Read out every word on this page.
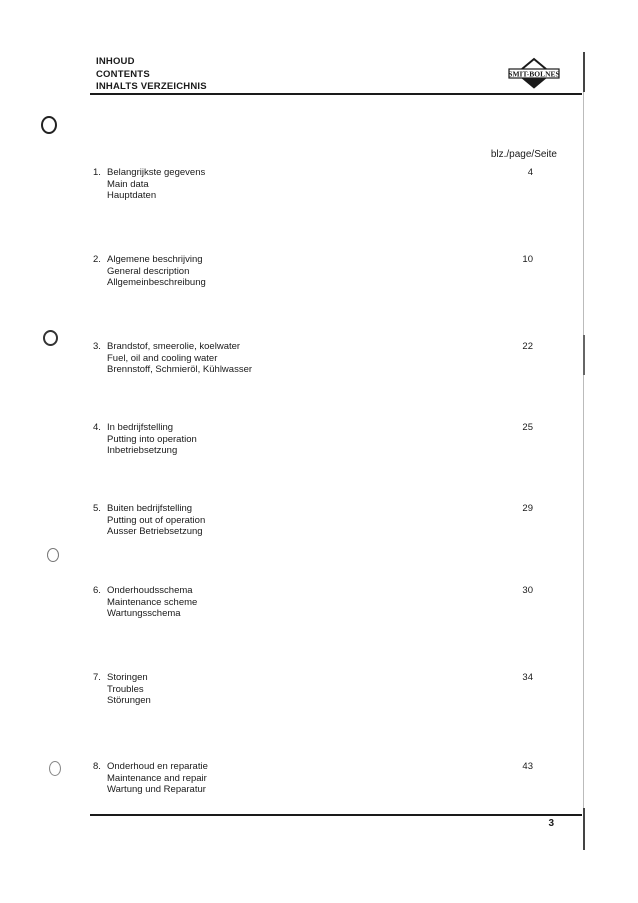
INHOUD
CONTENTS
INHALTS VERZEICHNIS
SMIT-BOLNES
blz./page/Seite
1. Belangrijkste gegevens
Main data
Hauptdaten
4
2. Algemene beschrijving
General description
Allgemeinbeschreibung
10
3. Brandstof, smeerolie, koelwater
Fuel, oil and cooling water
Brennstoff, Schmieröl, Kühlwasser
22
4. In bedrijfstelling
Putting into operation
Inbetriebsetzung
25
5. Buiten bedrijfstelling
Putting out of operation
Ausser Betriebsetzung
29
6. Onderhoudsschema
Maintenance scheme
Wartungsschema
30
7. Storingen
Troubles
Störungen
34
8. Onderhoud en reparatie
Maintenance and repair
Wartung und Reparatur
43
3
